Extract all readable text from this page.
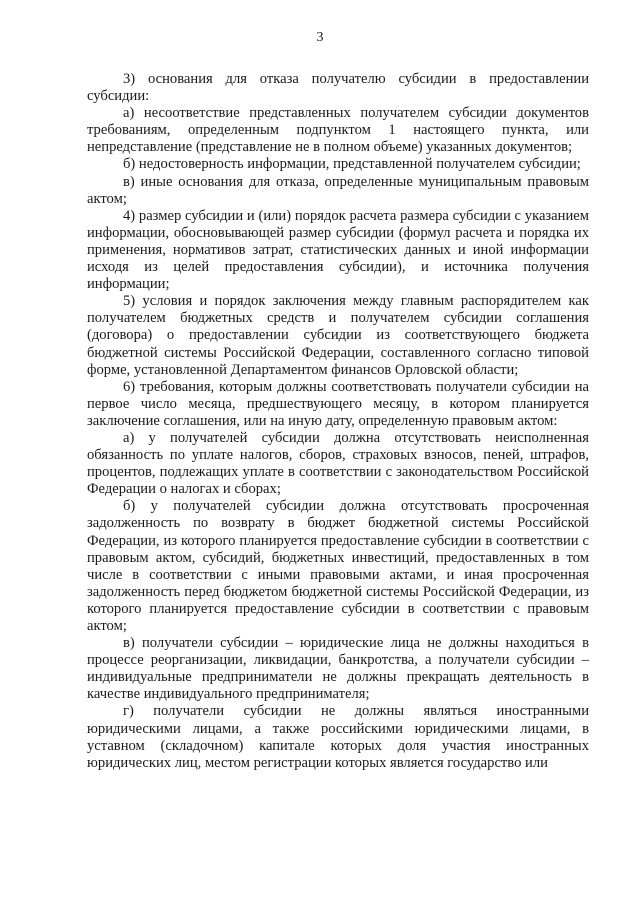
3

3) основания для отказа получателю субсидии в предоставлении субсидии:

а) несоответствие представленных получателем субсидии документов требованиям, определенным подпунктом 1 настоящего пункта, или непредставление (представление не в полном объеме) указанных документов;

б) недостоверность информации, представленной получателем субсидии;

в) иные основания для отказа, определенные муниципальным правовым актом;

4) размер субсидии и (или) порядок расчета размера субсидии с указанием информации, обосновывающей размер субсидии (формул расчета и порядка их применения, нормативов затрат, статистических данных и иной информации исходя из целей предоставления субсидии), и источника получения информации;

5) условия и порядок заключения между главным распорядителем как получателем бюджетных средств и получателем субсидии соглашения (договора) о предоставлении субсидии из соответствующего бюджета бюджетной системы Российской Федерации, составленного согласно типовой форме, установленной Департаментом финансов Орловской области;

6) требования, которым должны соответствовать получатели субсидии на первое число месяца, предшествующего месяцу, в котором планируется заключение соглашения, или на иную дату, определенную правовым актом:

а) у получателей субсидии должна отсутствовать неисполненная обязанность по уплате налогов, сборов, страховых взносов, пеней, штрафов, процентов, подлежащих уплате в соответствии с законодательством Российской Федерации о налогах и сборах;

б) у получателей субсидии должна отсутствовать просроченная задолженность по возврату в бюджет бюджетной системы Российской Федерации, из которого планируется предоставление субсидии в соответствии с правовым актом, субсидий, бюджетных инвестиций, предоставленных в том числе в соответствии с иными правовыми актами, и иная просроченная задолженность перед бюджетом бюджетной системы Российской Федерации, из которого планируется предоставление субсидии в соответствии с правовым актом;

в) получатели субсидии – юридические лица не должны находиться в процессе реорганизации, ликвидации, банкротства, а получатели субсидии – индивидуальные предприниматели не должны прекращать деятельность в качестве индивидуального предпринимателя;

г) получатели субсидии не должны являться иностранными юридическими лицами, а также российскими юридическими лицами, в уставном (складочном) капитале которых доля участия иностранных юридических лиц, местом регистрации которых является государство или
